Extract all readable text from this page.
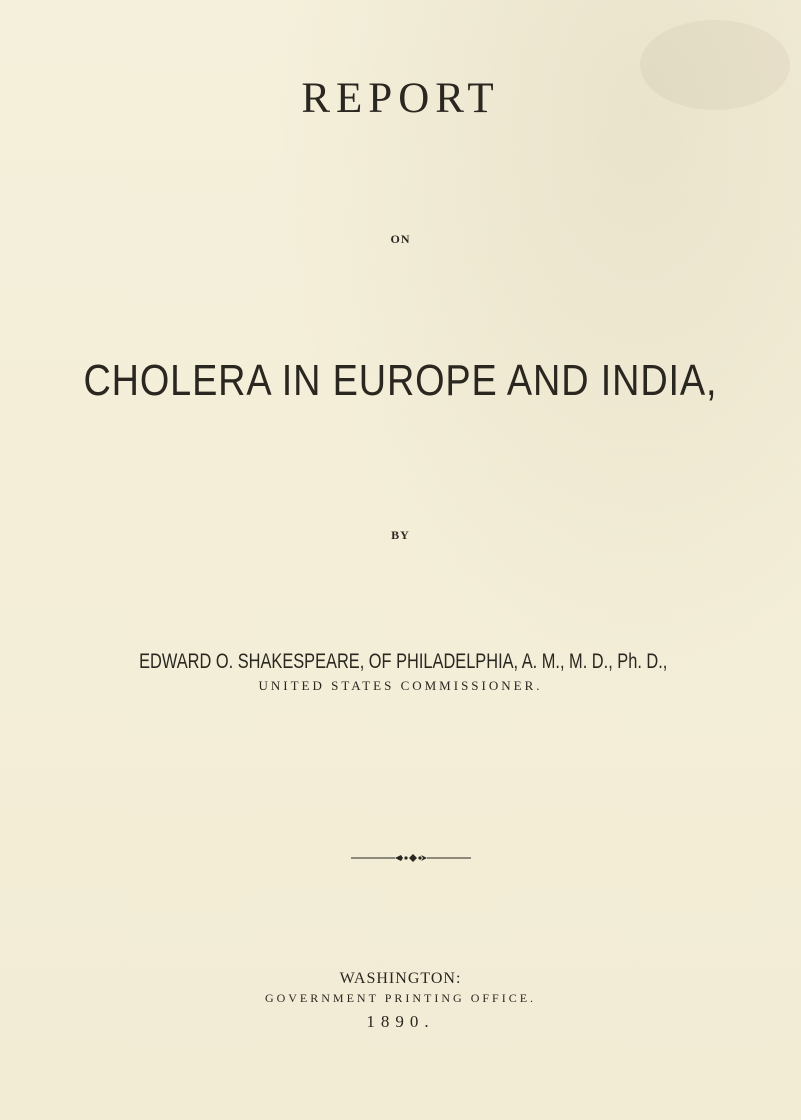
REPORT
ON
CHOLERA IN EUROPE AND INDIA,
BY
EDWARD O. SHAKESPEARE, OF PHILADELPHIA, A. M., M. D., Ph. D.,
UNITED STATES COMMISSIONER.
WASHINGTON:
GOVERNMENT PRINTING OFFICE.
1890.
